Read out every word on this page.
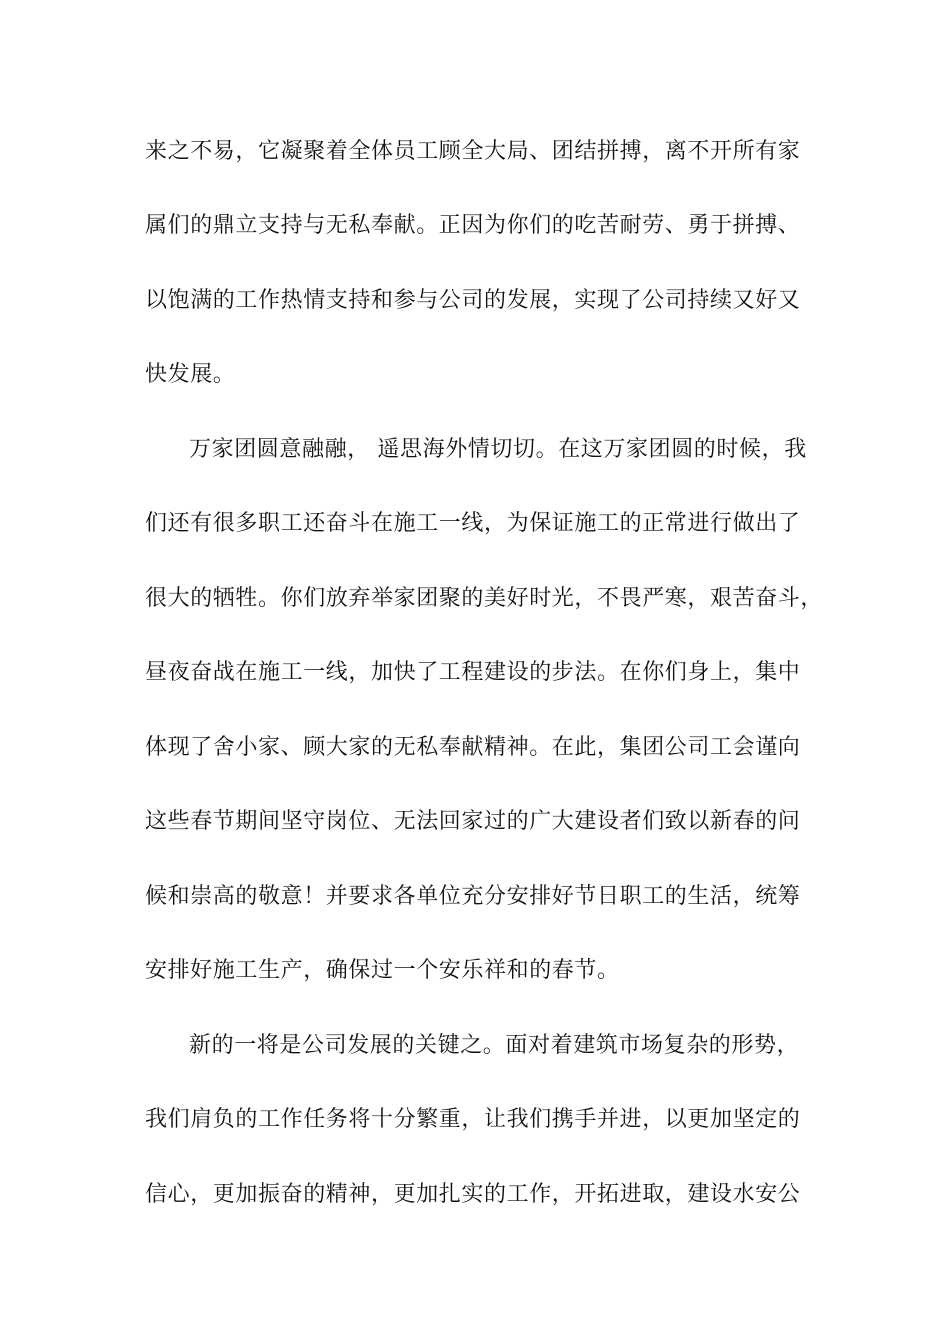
来之不易，它凝聚着全体员工顾全大局、团结拼搏，离不开所有家
属们的鼎立支持与无私奉献。正因为你们的吃苦耐劳、勇于拼搏、
以饱满的工作热情支持和参与公司的发展，实现了公司持续又好又
快发展。
万家团圆意融融， 遥思海外情切切。在这万家团圆的时候，我
们还有很多职工还奋斗在施工一线，为保证施工的正常进行做出了
很大的牺牲。你们放弃举家团聚的美好时光，不畏严寒，艰苦奋斗，
昼夜奋战在施工一线，加快了工程建设的步法。在你们身上，集中
体现了舍小家、顾大家的无私奉献精神。在此，集团公司工会谨向
这些春节期间坚守岗位、无法回家过的广大建设者们致以新春的问
候和崇高的敬意！并要求各单位充分安排好节日职工的生活，统筹
安排好施工生产，确保过一个安乐祥和的春节。
新的一将是公司发展的关键之。面对着建筑市场复杂的形势，
我们肩负的工作任务将十分繁重，让我们携手并进，以更加坚定的
信心，更加振奋的精神，更加扎实的工作，开拓进取，建设水安公
